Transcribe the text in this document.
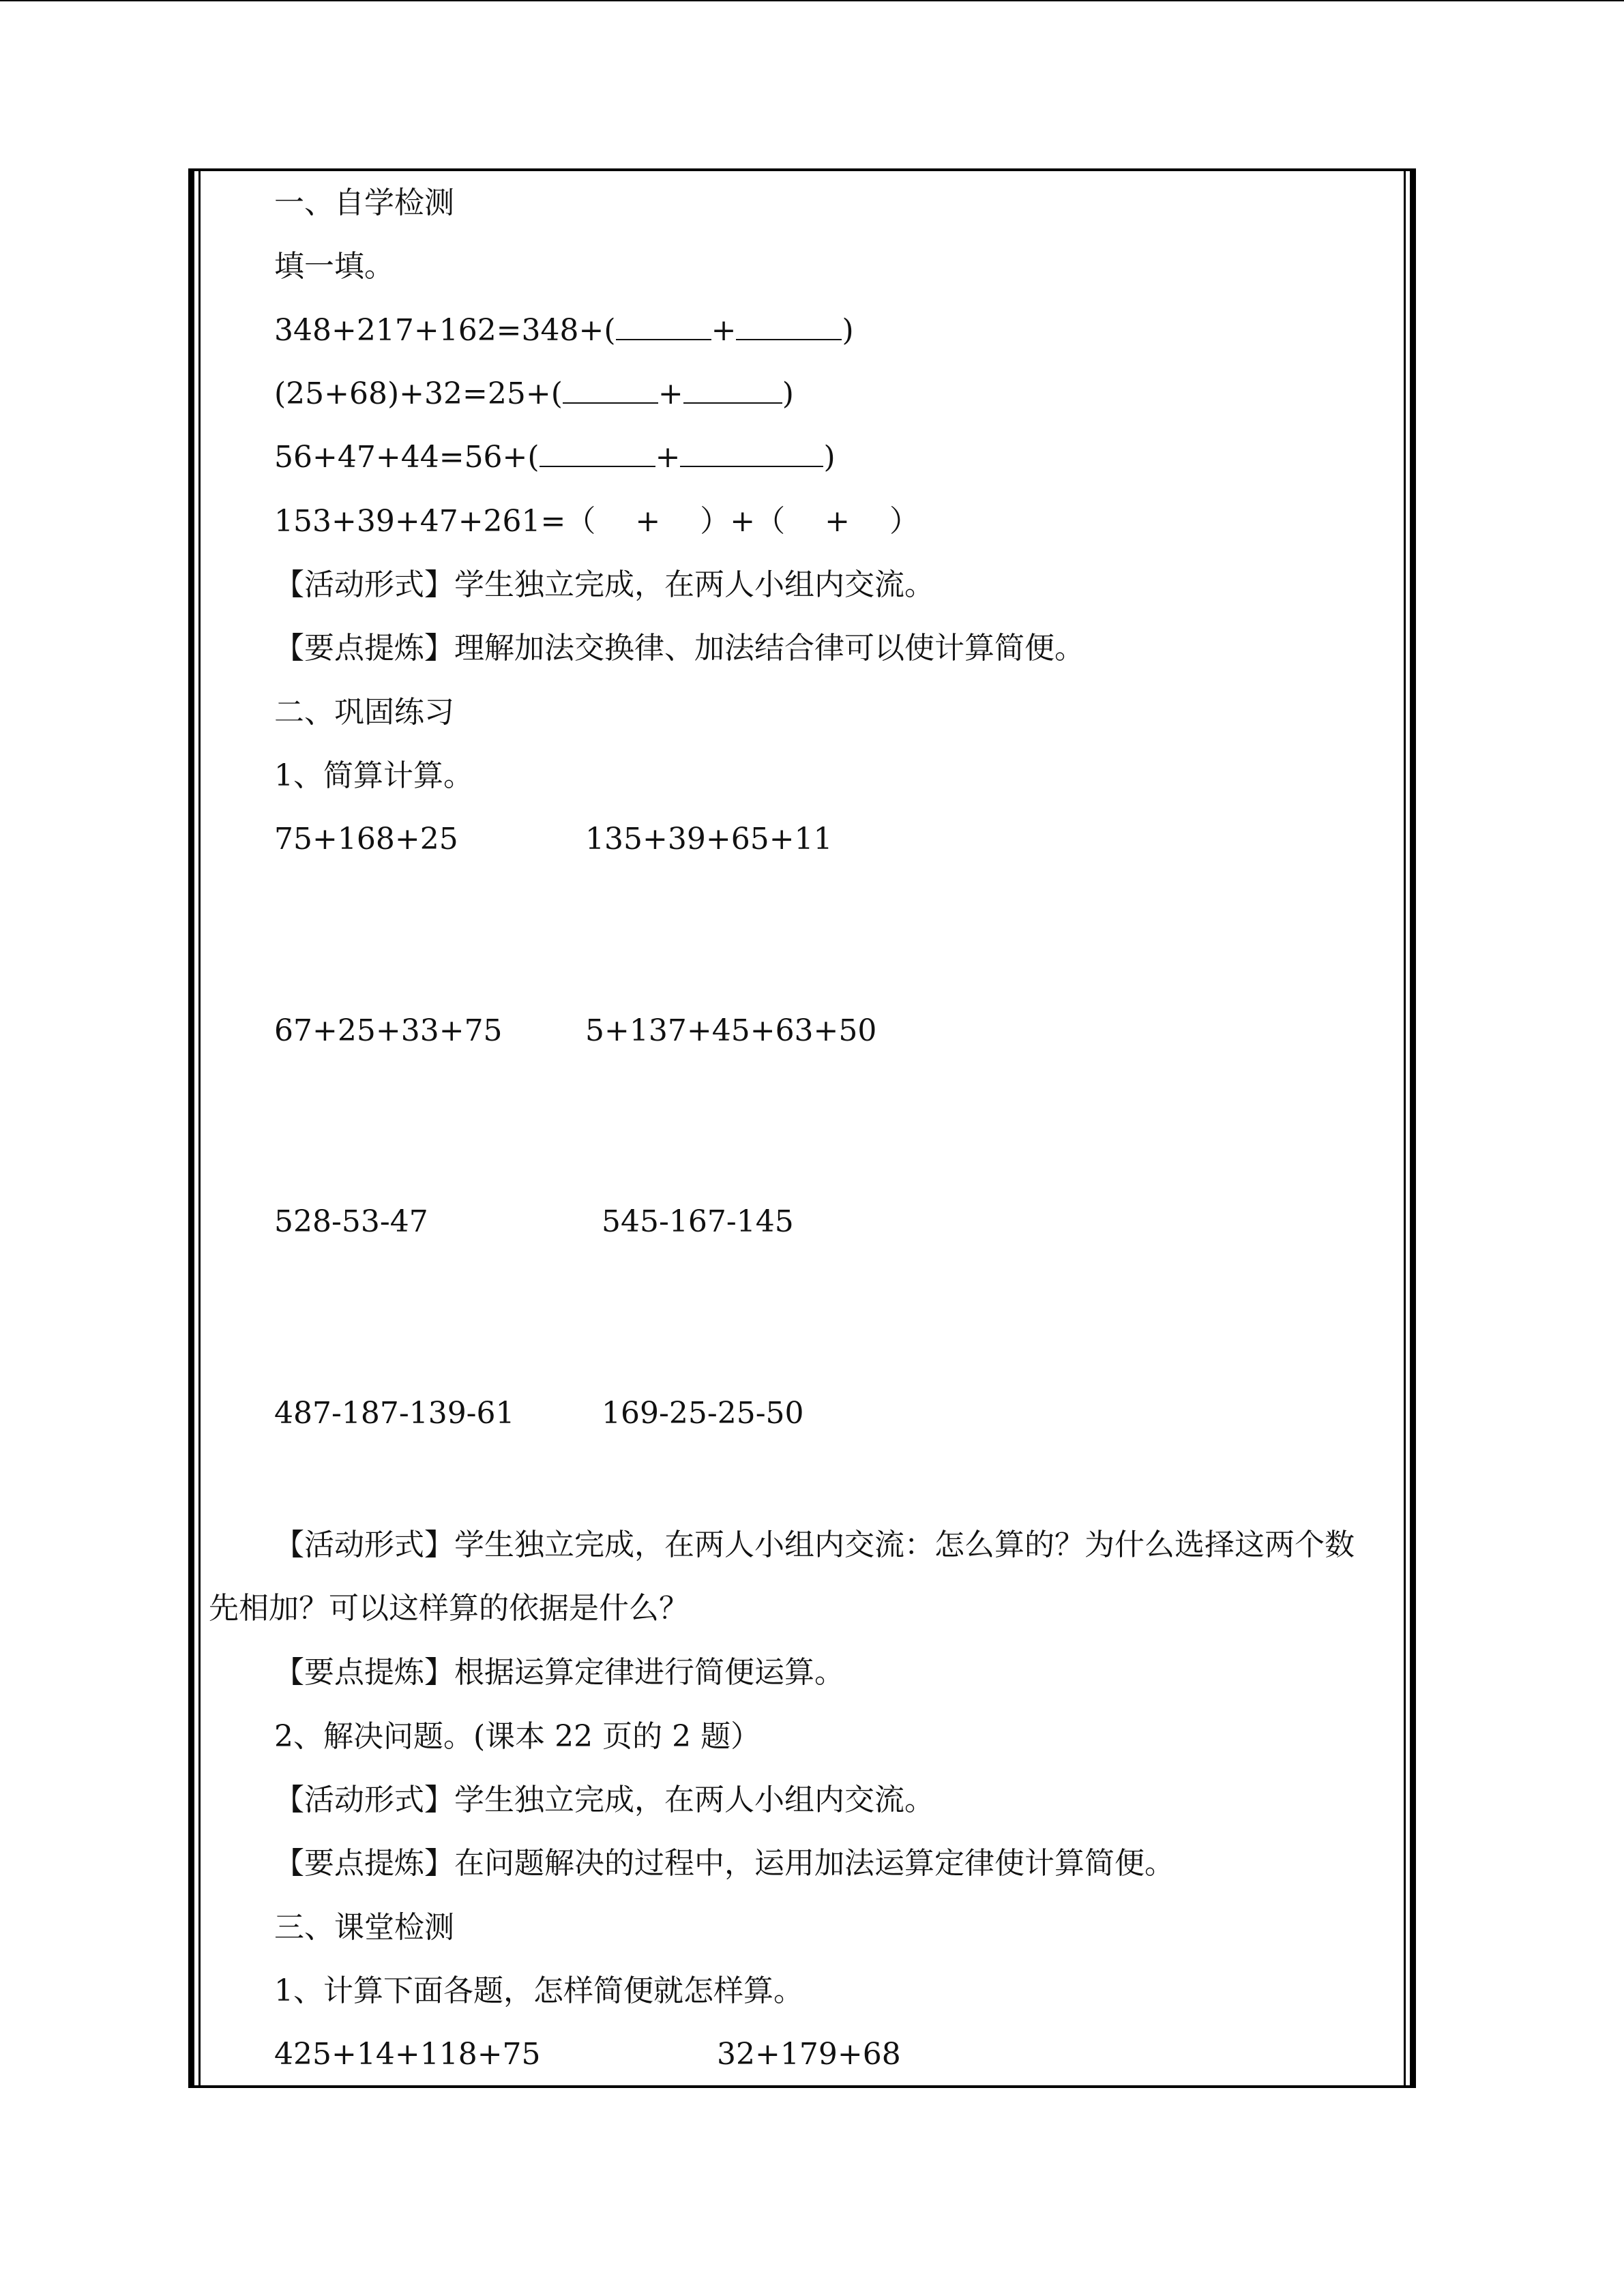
一、自学检测
填一填。
348+217+162=348+(	+	)
(25+68)+32=25+(	+	)
56+47+44=56+(	+	)
153+39+47+261=（ + ）+（ + ）
【活动形式】学生独立完成，在两人小组内交流。
【要点提炼】理解加法交换律、加法结合律可以使计算简便。
二、巩固练习
1、简算计算。
75+168+25	135+39+65+11
67+25+33+75	5+137+45+63+50
528-53-47	545-167-145
487-187-139-61	169-25-25-50
【活动形式】学生独立完成，在两人小组内交流：怎么算的？为什么选择这两个数先相加？可以这样算的依据是什么？
【要点提炼】根据运算定律进行简便运算。
2、解决问题。(课本 22 页的 2 题）
【活动形式】学生独立完成，在两人小组内交流。
【要点提炼】在问题解决的过程中，运用加法运算定律使计算简便。
三、课堂检测
1、计算下面各题，怎样简便就怎样算。
425+14+118+75	32+179+68
